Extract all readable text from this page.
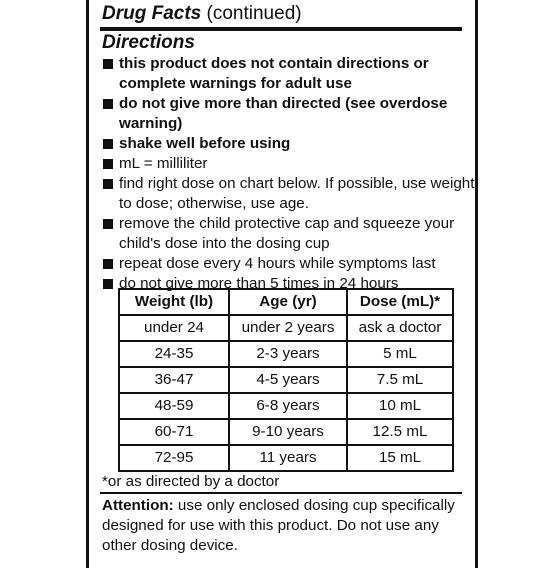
Drug Facts (continued)
Directions
this product does not contain directions or
complete warnings for adult use
do not give more than directed (see overdose
warning)
shake well before using
mL = milliliter
find right dose on chart below. If possible, use weight
to dose; otherwise, use age.
remove the child protective cap and squeeze your
child's dose into the dosing cup
repeat dose every 4 hours while symptoms last
do not give more than 5 times in 24 hours
Weight (lb)	Age (yr)	Dose (mL)*
under 24	under 2 years	ask a doctor
24-35	2-3 years	5 mL
36-47	4-5 years	7.5 mL
48-59	6-8 years	10 mL
60-71	9-10 years	12.5 mL
72-95	11 years	15 mL
*or as directed by a doctor
Attention: use only enclosed dosing cup specifically designed for use with this product. Do not use any other dosing device.
